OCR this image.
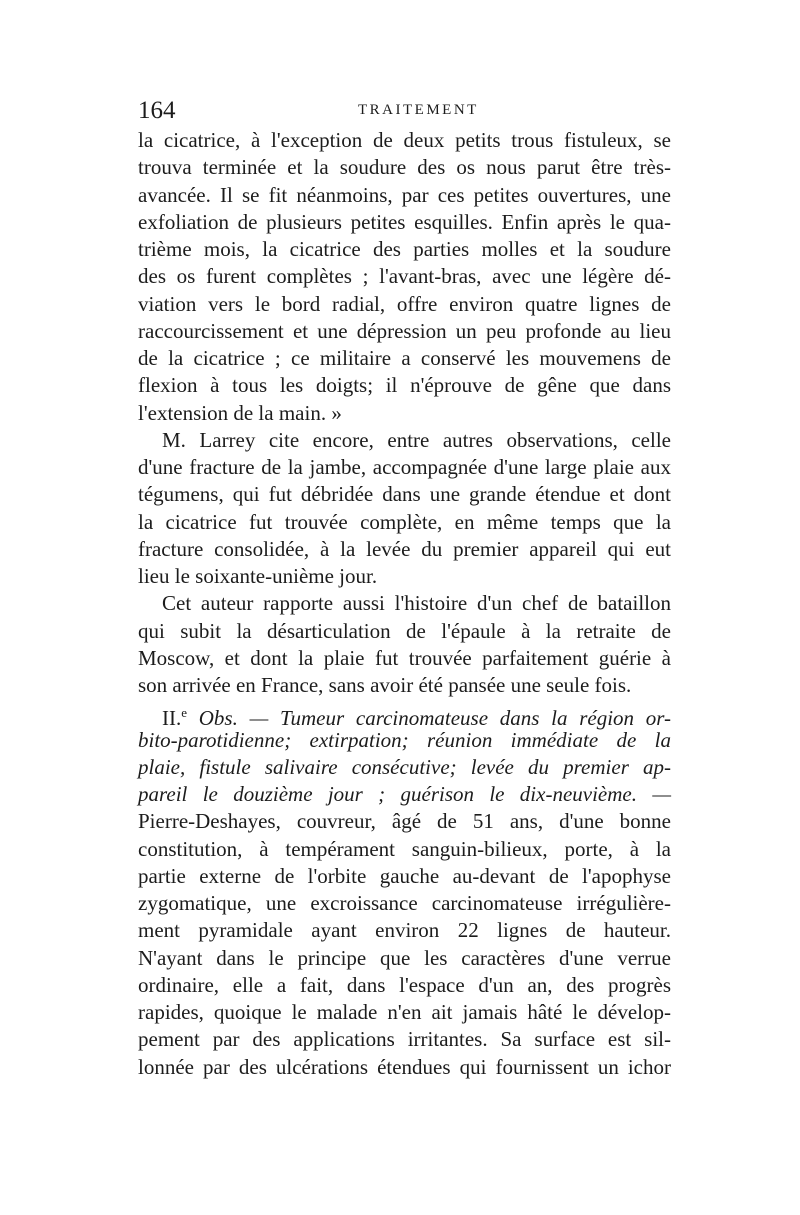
164	TRAITEMENT
la cicatrice, à l'exception de deux petits trous fistuleux, se
trouva terminée et la soudure des os nous parut être très-
avancée. Il se fit néanmoins, par ces petites ouvertures, une
exfoliation de plusieurs petites esquilles. Enfin après le qua-
trième mois, la cicatrice des parties molles et la soudure
des os furent complètes ; l'avant-bras, avec une légère dé-
viation vers le bord radial, offre environ quatre lignes de
raccourcissement et une dépression un peu profonde au lieu
de la cicatrice ; ce militaire a conservé les mouvemens de
flexion à tous les doigts; il n'éprouve de gêne que dans
l'extension de la main. »
M. Larrey cite encore, entre autres observations, celle
d'une fracture de la jambe, accompagnée d'une large plaie aux
tégumens, qui fut débridée dans une grande étendue et dont
la cicatrice fut trouvée complète, en même temps que la
fracture consolidée, à la levée du premier appareil qui eut
lieu le soixante-unième jour.
Cet auteur rapporte aussi l'histoire d'un chef de bataillon
qui subit la désarticulation de l'épaule à la retraite de
Moscow, et dont la plaie fut trouvée parfaitement guérie à
son arrivée en France, sans avoir été pansée une seule fois.
II.$^e$ Obs. — Tumeur carcinomateuse dans la région or-
bito-parotidienne; extirpation; réunion immédiate de la
plaie, fistule salivaire consécutive; levée du premier ap-
pareil le douzième jour ; guérison le dix-neuvième. —
Pierre-Deshayes, couvreur, âgé de 51 ans, d'une bonne
constitution, à tempérament sanguin-bilieux, porte, à la
partie externe de l'orbite gauche au-devant de l'apophyse
zygomatique, une excroissance carcinomateuse irrégulière-
ment pyramidale ayant environ 22 lignes de hauteur.
N'ayant dans le principe que les caractères d'une verrue
ordinaire, elle a fait, dans l'espace d'un an, des progrès
rapides, quoique le malade n'en ait jamais hâté le dévelop-
pement par des applications irritantes. Sa surface est sil-
lonnée par des ulcérations étendues qui fournissent un ichor
